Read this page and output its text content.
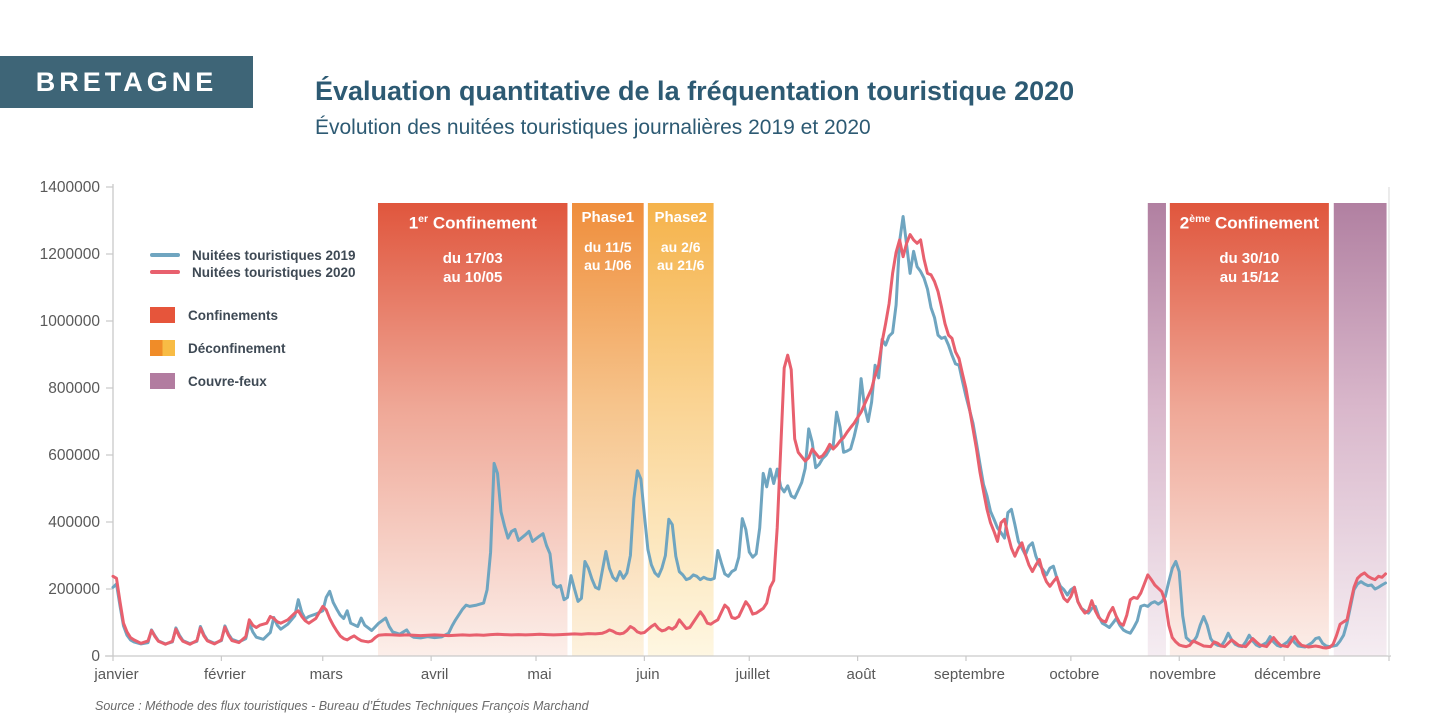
BRETAGNE	Évaluation quantitative de la fréquentation touristique 2020
Évolution des nuitées touristiques journalières 2019 et 2020
0
200000
400000
600000
800000
1000000
1200000
1400000
janvier	février	mars	avril	mai	juin	juillet	août	septembre	octobre	novembre	décembre
1er Confinement
du 17/03
au 10/05
Phase1
du 11/5
au 1/06
Phase2
au 2/6
au 21/6
2ème Confinement
du 30/10
au 15/12
Nuitées touristiques 2019
Nuitées touristiques 2020
Confinements
Déconfinement
Couvre-feux
Source : Méthode des flux touristiques - Bureau d’Études Techniques François Marchand
